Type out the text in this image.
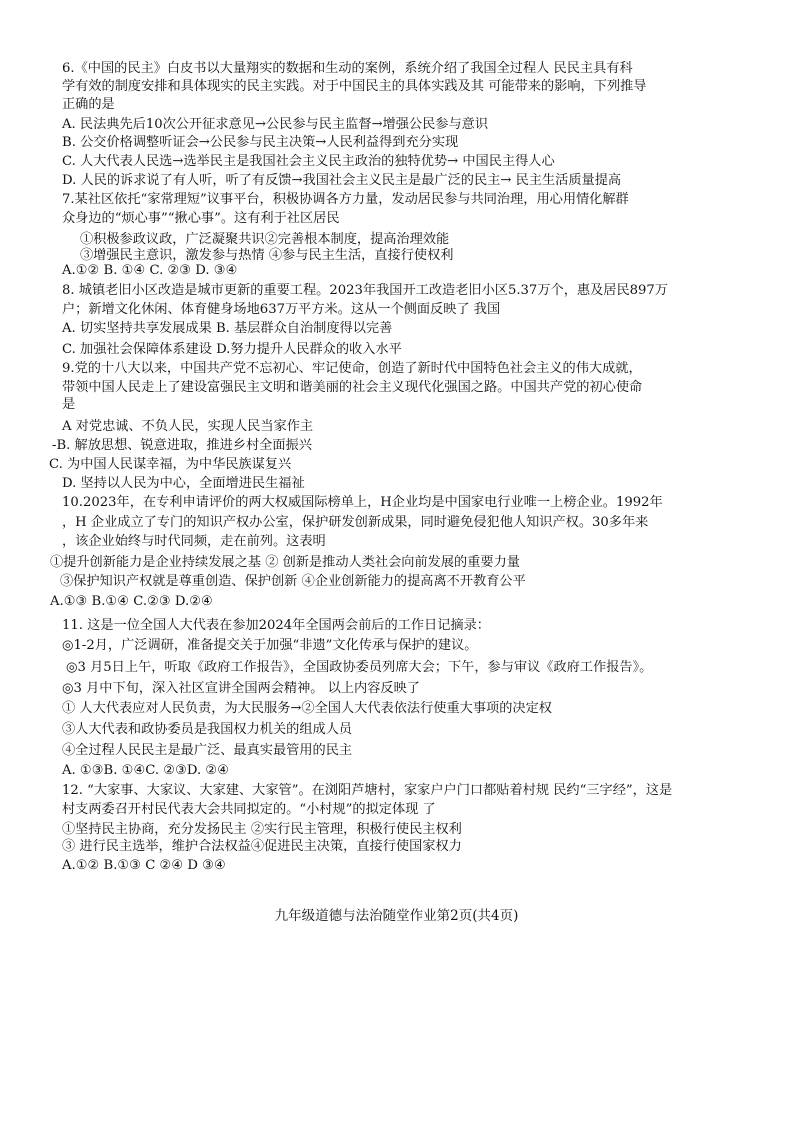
6.《中国的民主》白皮书以大量翔实的数据和生动的案例，系统介绍了我国全过程人 民民主具有科
学有效的制度安排和具体现实的民主实践。对于中国民主的具体实践及其 可能带来的影响，下列推导
正确的是
A. 民法典先后10次公开征求意见→公民参与民主监督→增强公民参与意识
B. 公交价格调整听证会→公民参与民主决策→人民利益得到充分实现
C. 人大代表人民选→选举民主是我国社会主义民主政治的独特优势→ 中国民主得人心
D. 人民的诉求说了有人听，听了有反馈→我国社会主义民主是最广泛的民主→ 民主生活质量提高
7.某社区依托“家常理短”议事平台，积极协调各方力量，发动居民参与共同治理，用心用情化解群
众身边的“烦心事”“揪心事”。这有利于社区居民
①积极参政议政，广泛凝聚共识②完善根本制度，提高治理效能
③增强民主意识，激发参与热情 ④参与民主生活，直接行使权利
A.①② B. ①④ C. ②③ D. ③④
8. 城镇老旧小区改造是城市更新的重要工程。2023年我国开工改造老旧小区5.37万个，惠及居民897万
户；新增文化休闲、体育健身场地637万平方米。这从一个侧面反映了 我国
A. 切实坚持共享发展成果 B. 基层群众自治制度得以完善
C. 加强社会保障体系建设 D.努力提升人民群众的收入水平
9.党的十八大以来，中国共产党不忘初心、牢记使命，创造了新时代中国特色社会主义的伟大成就，
带领中国人民走上了建设富强民主文明和谐美丽的社会主义现代化强国之路。中国共产党的初心使命
是
A 对党忠诚、不负人民，实现人民当家作主
-B. 解放思想、锐意进取，推进乡村全面振兴
C. 为中国人民谋幸福，为中华民族谋复兴
D. 坚持以人民为中心，全面增进民生福祉
10.2023年，在专利申请评价的两大权威国际榜单上，H企业均是中国家电行业唯一上榜企业。1992年
，H 企业成立了专门的知识产权办公室，保护研发创新成果，同时避免侵犯他人知识产权。30多年来
，该企业始终与时代同频，走在前列。这表明
①提升创新能力是企业持续发展之基 ② 创新是推动人类社会向前发展的重要力量
③保护知识产权就是尊重创造、保护创新 ④企业创新能力的提高离不开教育公平
A.①③ B.①④ C.②③ D.②④
11. 这是一位全国人大代表在参加2024年全国两会前后的工作日记摘录：
◎1-2月，广泛调研，准备提交关于加强“非遗”文化传承与保护的建议。
◎3 月5日上午，听取《政府工作报告》，全国政协委员列席大会；下午，参与审议《政府工作报告》。
◎3 月中下旬，深入社区宣讲全国两会精神。 以上内容反映了
① 人大代表应对人民负责，为大民服务→②全国人大代表依法行使重大事项的决定权
③人大代表和政协委员是我国权力机关的组成人员
④全过程人民民主是最广泛、最真实最管用的民主
A. ①③B. ①④C. ②③D. ②④
12. “大家事、大家议、大家建、大家管”。在浏阳芦塘村，家家户户门口都贴着村规 民约“三字经”，这是
村支两委召开村民代表大会共同拟定的。“小村规”的拟定体现 了
①坚持民主协商，充分发扬民主 ②实行民主管理，积极行使民主权利
③ 进行民主选举，维护合法权益④促进民主决策，直接行使国家权力
A.①② B.①③ C ②④ D ③④
九年级道德与法治随堂作业第2页(共4页)
